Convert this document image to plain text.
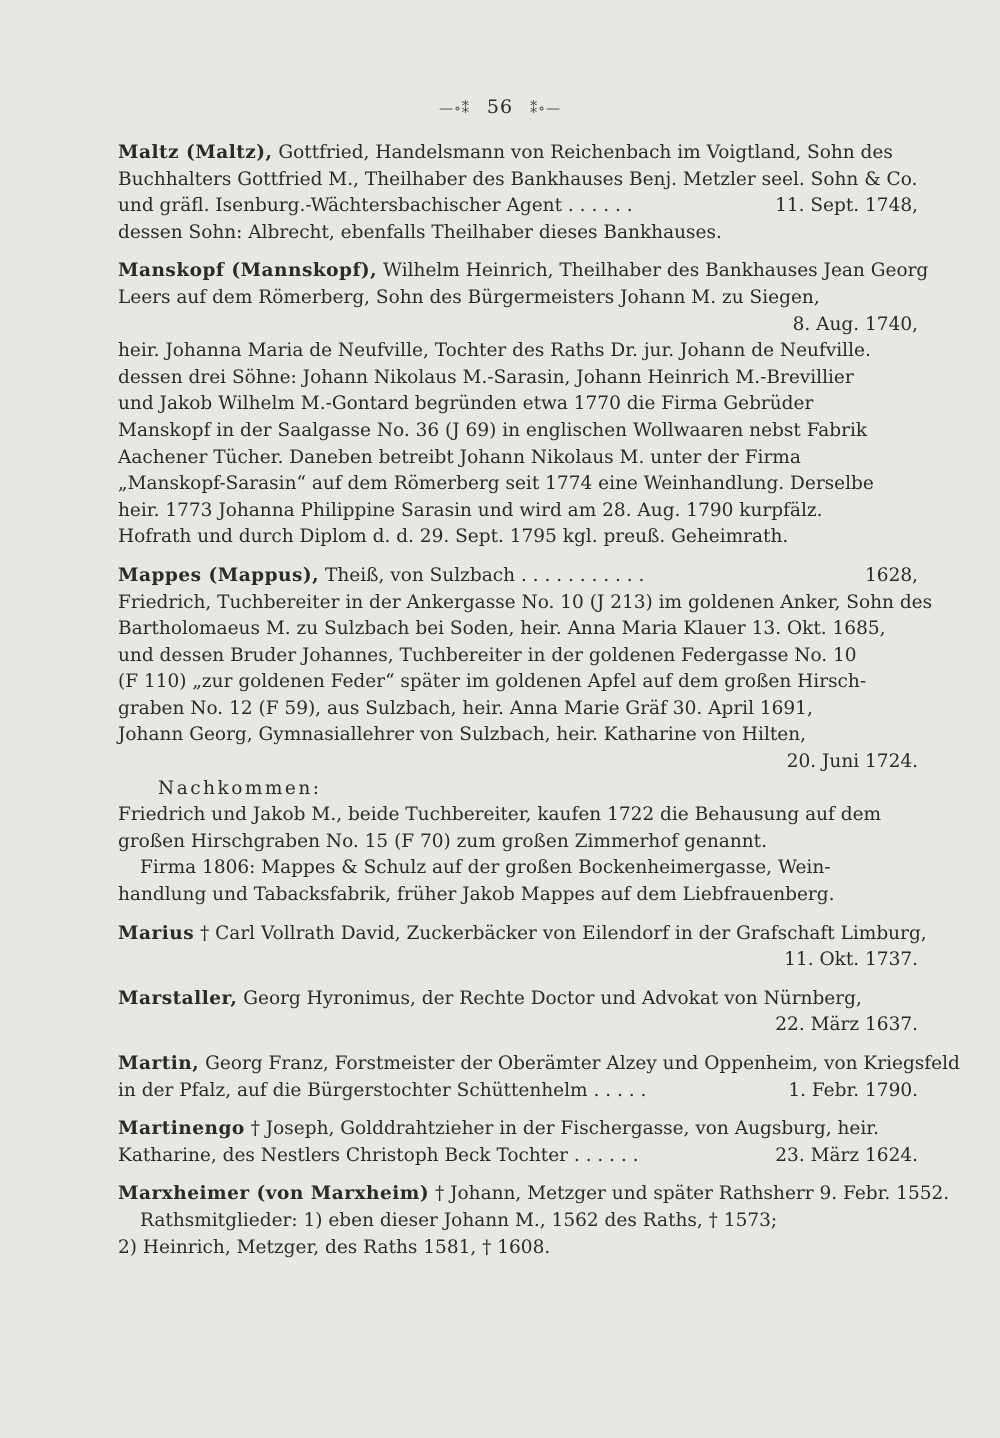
—∘⁑ 56 ⁑∘—
Maltz (Maltz), Gottfried, Handelsmann von Reichenbach im Voigtland, Sohn des
Buchhalters Gottfried M., Theilhaber des Bankhauses Benj. Metzler seel. Sohn & Co.
und gräfl. Isenburg.-Wächtersbachischer Agent . . . . . .	11. Sept. 1748,
dessen Sohn: Albrecht, ebenfalls Theilhaber dieses Bankhauses.
Manskopf (Mannskopf), Wilhelm Heinrich, Theilhaber des Bankhauses Jean Georg
Leers auf dem Römerberg, Sohn des Bürgermeisters Johann M. zu Siegen,
8. Aug. 1740,
heir. Johanna Maria de Neufville, Tochter des Raths Dr. jur. Johann de Neufville.
dessen drei Söhne: Johann Nikolaus M.-Sarasin, Johann Heinrich M.-Brevillier
und Jakob Wilhelm M.-Gontard begründen etwa 1770 die Firma Gebrüder
Manskopf in der Saalgasse No. 36 (J 69) in englischen Wollwaaren nebst Fabrik
Aachener Tücher. Daneben betreibt Johann Nikolaus M. unter der Firma
„Manskopf-Sarasin“ auf dem Römerberg seit 1774 eine Weinhandlung. Derselbe
heir. 1773 Johanna Philippine Sarasin und wird am 28. Aug. 1790 kurpfälz.
Hofrath und durch Diplom d. d. 29. Sept. 1795 kgl. preuß. Geheimrath.
Mappes (Mappus), Theiß, von Sulzbach . . . . . . . . . . .	1628,
Friedrich, Tuchbereiter in der Ankergasse No. 10 (J 213) im goldenen Anker, Sohn des
Bartholomaeus M. zu Sulzbach bei Soden, heir. Anna Maria Klauer 13. Okt. 1685,
und dessen Bruder Johannes, Tuchbereiter in der goldenen Federgasse No. 10
(F 110) „zur goldenen Feder“ später im goldenen Apfel auf dem großen Hirsch-
graben No. 12 (F 59), aus Sulzbach, heir. Anna Marie Gräf 30. April 1691,
Johann Georg, Gymnasiallehrer von Sulzbach, heir. Katharine von Hilten,
20. Juni 1724.
Nachkommen:
Friedrich und Jakob M., beide Tuchbereiter, kaufen 1722 die Behausung auf dem
großen Hirschgraben No. 15 (F 70) zum großen Zimmerhof genannt.
Firma 1806: Mappes & Schulz auf der großen Bockenheimergasse, Wein-
handlung und Tabacksfabrik, früher Jakob Mappes auf dem Liebfrauenberg.
Marius † Carl Vollrath David, Zuckerbäcker von Eilendorf in der Grafschaft Limburg,
11. Okt. 1737.
Marstaller, Georg Hyronimus, der Rechte Doctor und Advokat von Nürnberg,
22. März 1637.
Martin, Georg Franz, Forstmeister der Oberämter Alzey und Oppenheim, von Kriegsfeld
in der Pfalz, auf die Bürgerstochter Schüttenhelm . . . . .	1. Febr. 1790.
Martinengo † Joseph, Golddrahtzieher in der Fischergasse, von Augsburg, heir.
Katharine, des Nestlers Christoph Beck Tochter . . . . . .	23. März 1624.
Marxheimer (von Marxheim) † Johann, Metzger und später Rathsherr 9. Febr. 1552.
Rathsmitglieder: 1) eben dieser Johann M., 1562 des Raths, † 1573;
2) Heinrich, Metzger, des Raths 1581, † 1608.
